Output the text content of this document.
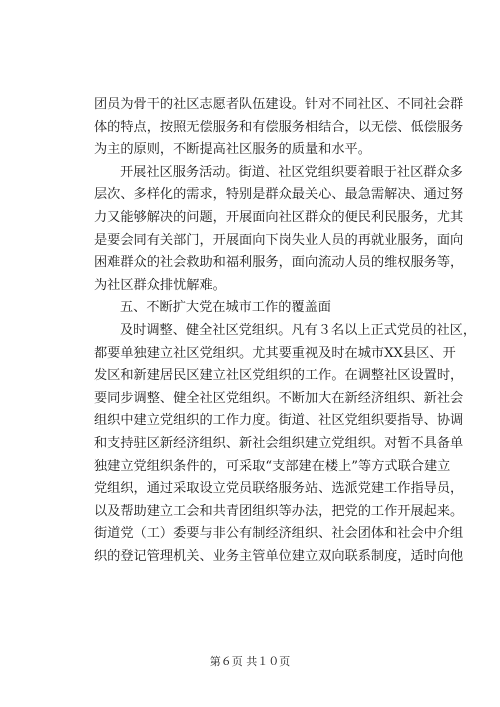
团员为骨干的社区志愿者队伍建设。针对不同社区、不同社会群
体的特点，按照无偿服务和有偿服务相结合，以无偿、低偿服务
为主的原则，不断提高社区服务的质量和水平。
开展社区服务活动。街道、社区党组织要着眼于社区群众多
层次、多样化的需求，特别是群众最关心、最急需解决、通过努
力又能够解决的问题，开展面向社区群众的便民利民服务，尤其
是要会同有关部门，开展面向下岗失业人员的再就业服务，面向
困难群众的社会救助和福利服务，面向流动人员的维权服务等，
为社区群众排忧解难。
五、不断扩大党在城市工作的覆盖面
及时调整、健全社区党组织。凡有３名以上正式党员的社区，
都要单独建立社区党组织。尤其要重视及时在城市XX县区、开
发区和新建居民区建立社区党组织的工作。在调整社区设置时，
要同步调整、健全社区党组织。不断加大在新经济组织、新社会
组织中建立党组织的工作力度。街道、社区党组织要指导、协调
和支持驻区新经济组织、新社会组织建立党组织。对暂不具备单
独建立党组织条件的，可采取“支部建在楼上”等方式联合建立
党组织，通过采取设立党员联络服务站、选派党建工作指导员，
以及帮助建立工会和共青团组织等办法，把党的工作开展起来。
街道党（工）委要与非公有制经济组织、社会团体和社会中介组
织的登记管理机关、业务主管单位建立双向联系制度，适时向他
第６页 共１０页
